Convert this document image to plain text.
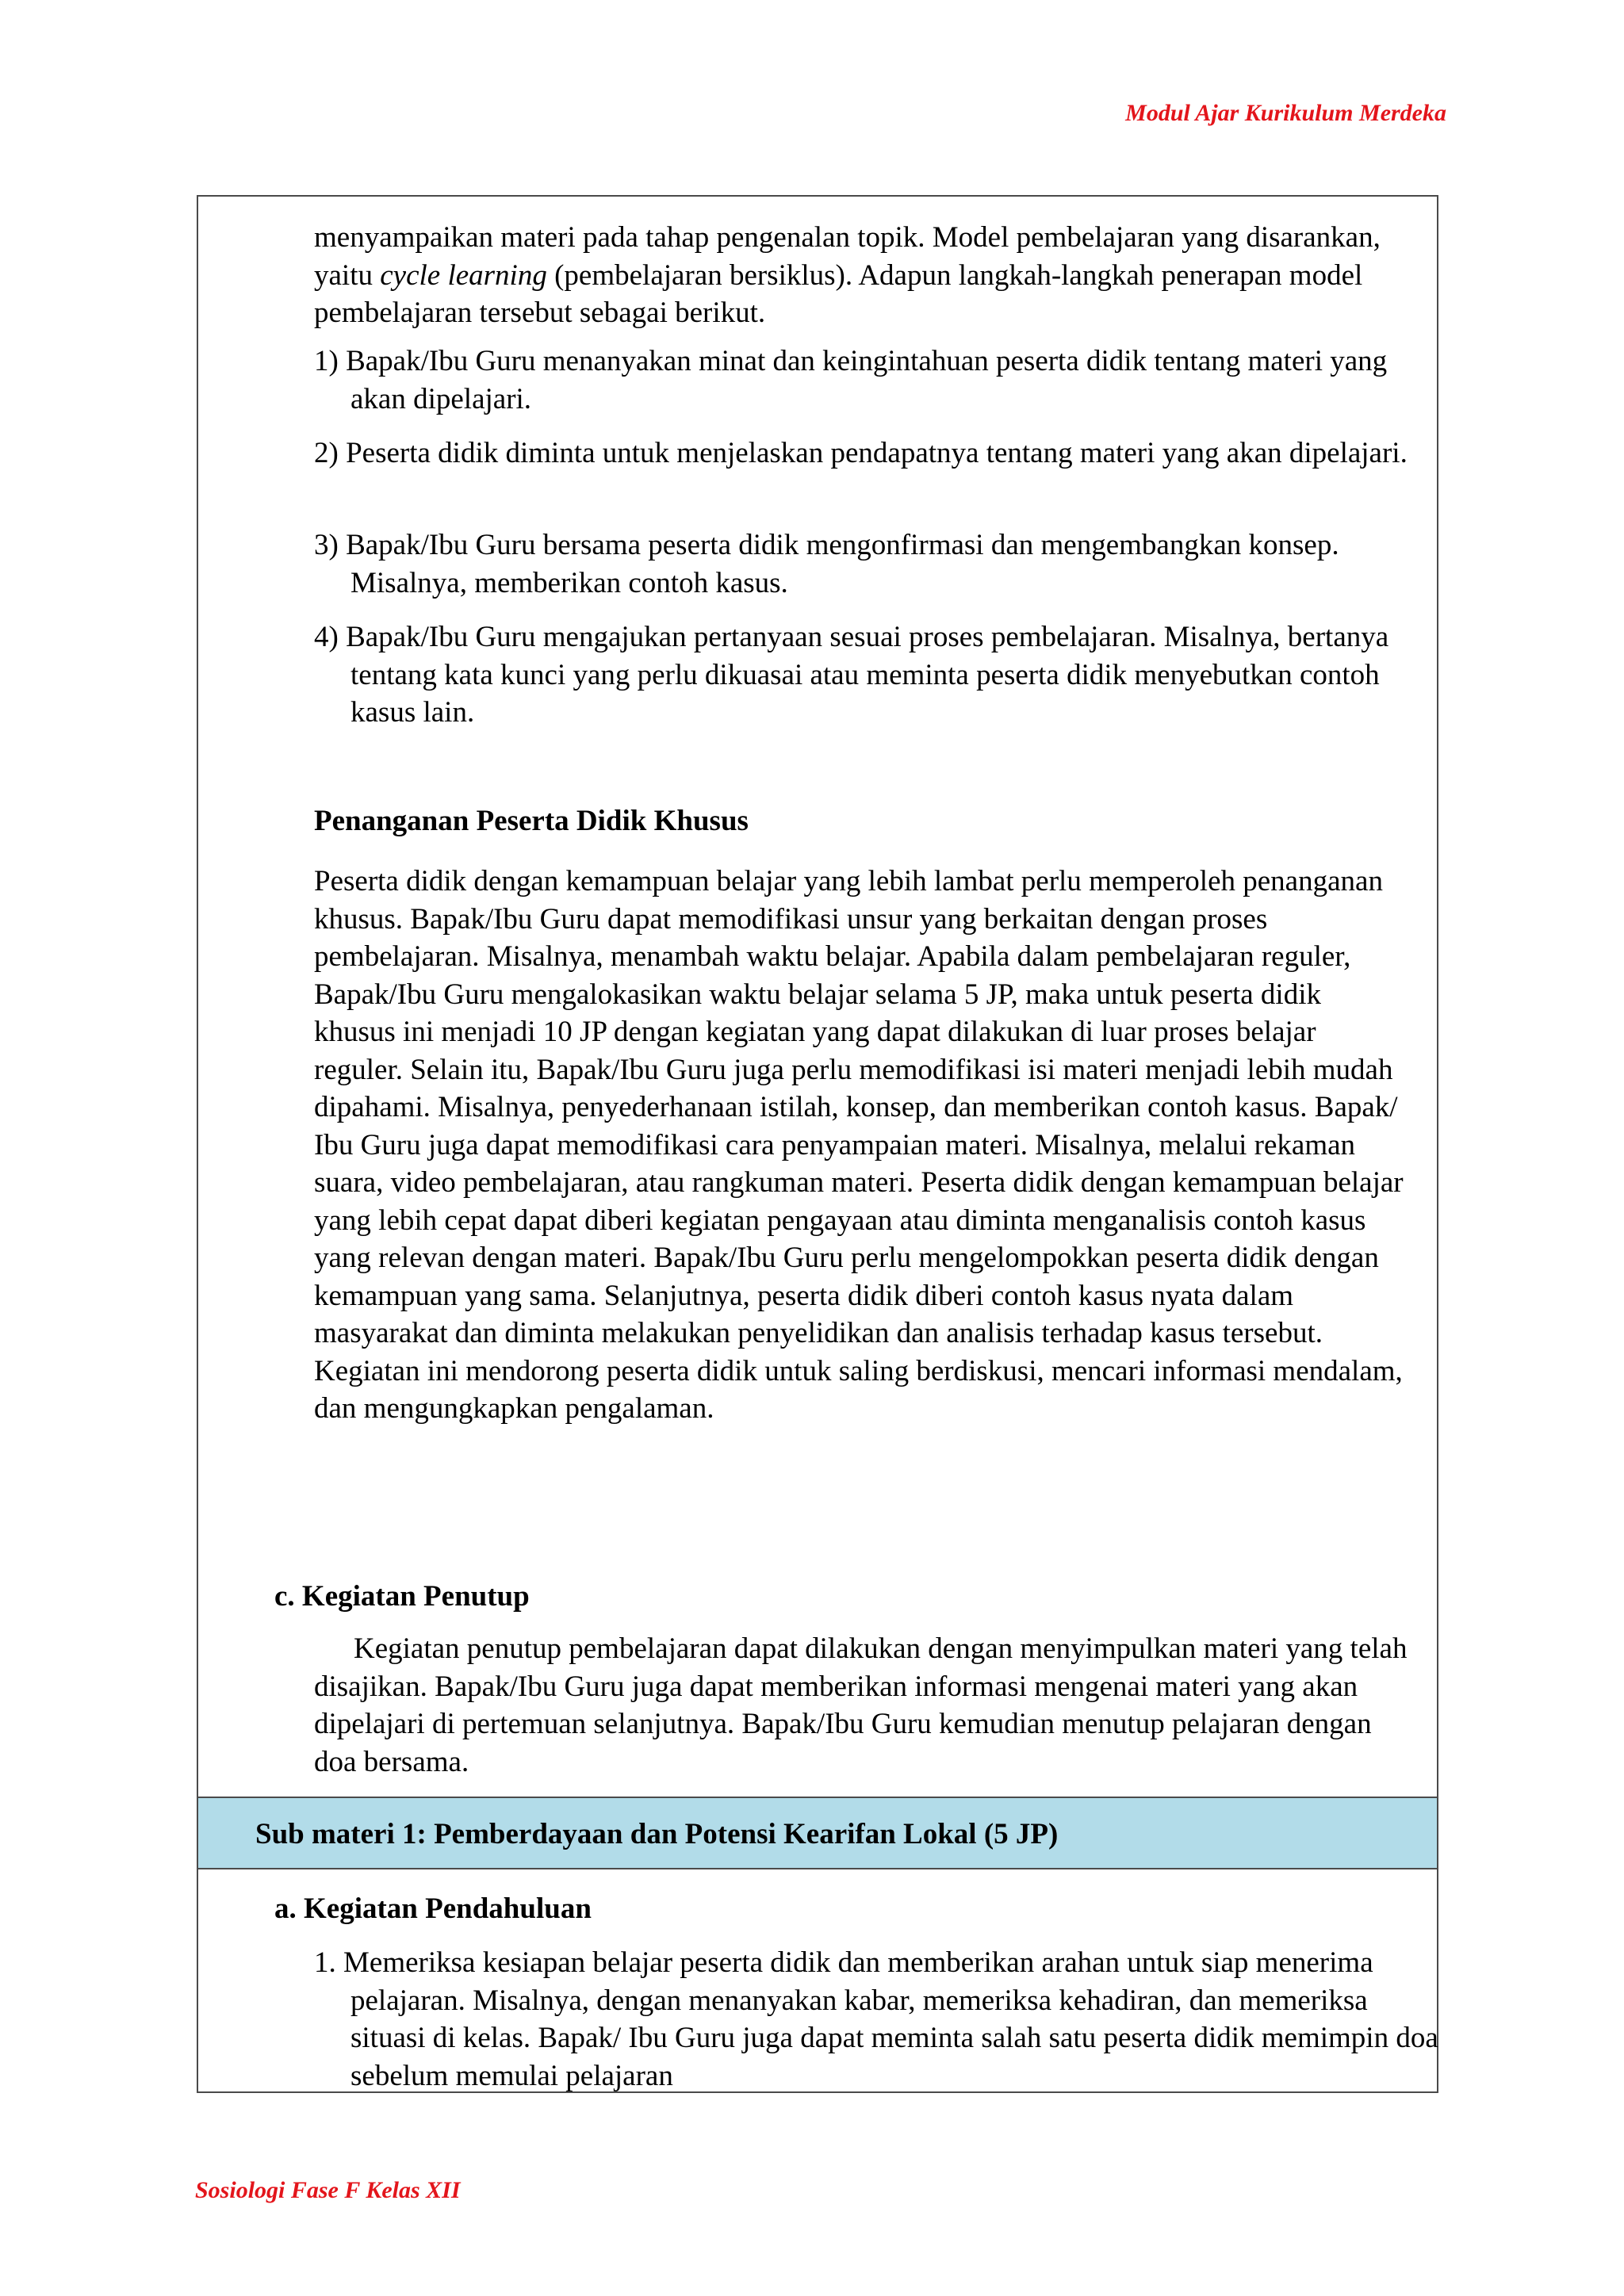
Modul Ajar Kurikulum Merdeka

menyampaikan materi pada tahap pengenalan topik. Model pembelajaran yang disarankan, yaitu cycle learning (pembelajaran bersiklus). Adapun langkah-langkah penerapan model pembelajaran tersebut sebagai berikut.

1) Bapak/Ibu Guru menanyakan minat dan keingintahuan peserta didik tentang materi yang akan dipelajari.
2) Peserta didik diminta untuk menjelaskan pendapatnya tentang materi yang akan dipelajari.
3) Bapak/Ibu Guru bersama peserta didik mengonfirmasi dan mengembangkan konsep. Misalnya, memberikan contoh kasus.
4) Bapak/Ibu Guru mengajukan pertanyaan sesuai proses pembelajaran. Misalnya, bertanya tentang kata kunci yang perlu dikuasai atau meminta peserta didik menyebutkan contoh kasus lain.
Penanganan Peserta Didik Khusus

Peserta didik dengan kemampuan belajar yang lebih lambat perlu memperoleh penanganan khusus. Bapak/Ibu Guru dapat memodifikasi unsur yang berkaitan dengan proses pembelajaran. Misalnya, menambah waktu belajar. Apabila dalam pembelajaran reguler, Bapak/Ibu Guru mengalokasikan waktu belajar selama 5 JP, maka untuk peserta didik khusus ini menjadi 10 JP dengan kegiatan yang dapat dilakukan di luar proses belajar reguler. Selain itu, Bapak/Ibu Guru juga perlu memodifikasi isi materi menjadi lebih mudah dipahami. Misalnya, penyederhanaan istilah, konsep, dan memberikan contoh kasus. Bapak/ Ibu Guru juga dapat memodifikasi cara penyampaian materi. Misalnya, melalui rekaman suara, video pembelajaran, atau rangkuman materi. Peserta didik dengan kemampuan belajar yang lebih cepat dapat diberi kegiatan pengayaan atau diminta menganalisis contoh kasus yang relevan dengan materi. Bapak/Ibu Guru perlu mengelompokkan peserta didik dengan kemampuan yang sama. Selanjutnya, peserta didik diberi contoh kasus nyata dalam masyarakat dan diminta melakukan penyelidikan dan analisis terhadap kasus tersebut. Kegiatan ini mendorong peserta didik untuk saling berdiskusi, mencari informasi mendalam, dan mengungkapkan pengalaman.

c. Kegiatan Penutup

Kegiatan penutup pembelajaran dapat dilakukan dengan menyimpulkan materi yang telah disajikan. Bapak/Ibu Guru juga dapat memberikan informasi mengenai materi yang akan dipelajari di pertemuan selanjutnya. Bapak/Ibu Guru kemudian menutup pelajaran dengan doa bersama.

Sub materi 1: Pemberdayaan dan Potensi Kearifan Lokal (5 JP)
a. Kegiatan Pendahuluan
1. Memeriksa kesiapan belajar peserta didik dan memberikan arahan untuk siap menerima pelajaran. Misalnya, dengan menanyakan kabar, memeriksa kehadiran, dan memeriksa situasi di kelas. Bapak/ Ibu Guru juga dapat meminta salah satu peserta didik memimpin doa sebelum memulai pelajaran
Sosiologi Fase F Kelas XII
